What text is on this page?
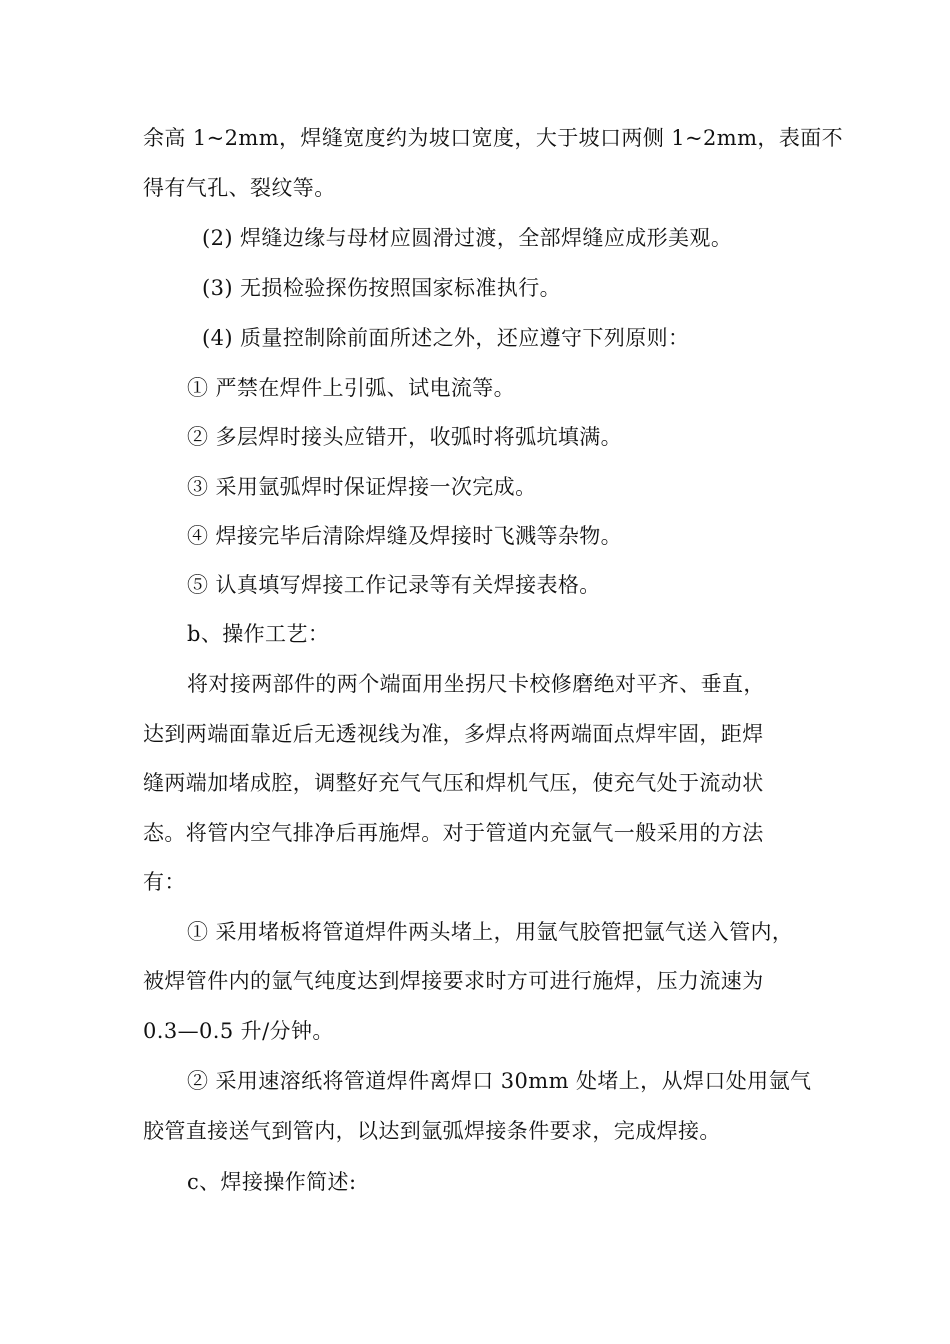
余高 1~2mm，焊缝宽度约为坡口宽度，大于坡口两侧 1~2mm，表面不
得有气孔、裂纹等。
(2) 焊缝边缘与母材应圆滑过渡，全部焊缝应成形美观。
(3) 无损检验探伤按照国家标准执行。
(4) 质量控制除前面所述之外，还应遵守下列原则：
① 严禁在焊件上引弧、试电流等。
② 多层焊时接头应错开，收弧时将弧坑填满。
③ 采用氩弧焊时保证焊接一次完成。
④ 焊接完毕后清除焊缝及焊接时飞溅等杂物。
⑤ 认真填写焊接工作记录等有关焊接表格。
b、操作工艺：
将对接两部件的两个端面用坐拐尺卡校修磨绝对平齐、垂直，
达到两端面靠近后无透视线为准，多焊点将两端面点焊牢固，距焊
缝两端加堵成腔，调整好充气气压和焊机气压，使充气处于流动状
态。将管内空气排净后再施焊。对于管道内充氩气一般采用的方法
有：
① 采用堵板将管道焊件两头堵上，用氩气胶管把氩气送入管内，
被焊管件内的氩气纯度达到焊接要求时方可进行施焊，压力流速为
0.3—0.5 升/分钟。
② 采用速溶纸将管道焊件离焊口 30mm 处堵上，从焊口处用氩气
胶管直接送气到管内，以达到氩弧焊接条件要求，完成焊接。
c、焊接操作简述:
